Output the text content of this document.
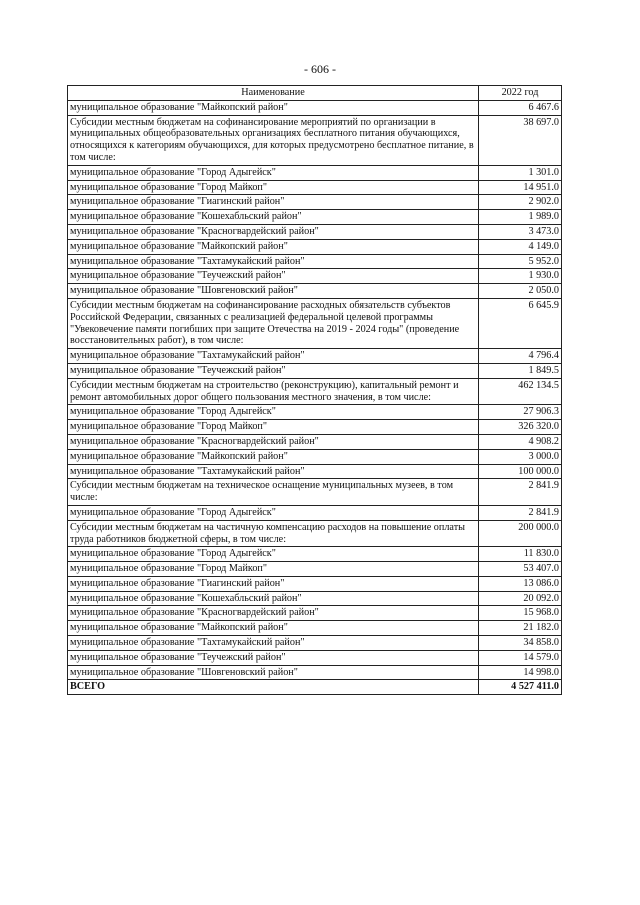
- 606 -
Наименование	2022 год
муниципальное образование "Майкопский район"	6 467.6
Субсидии местным бюджетам на софинансирование мероприятий по организации в муниципальных общеобразовательных организациях бесплатного питания обучающихся, относящихся к категориям обучающихся, для которых предусмотрено бесплатное питание, в том числе:	38 697.0
муниципальное образование "Город Адыгейск"	1 301.0
муниципальное образование "Город Майкоп"	14 951.0
муниципальное образование "Гиагинский район"	2 902.0
муниципальное образование "Кошехабльский район"	1 989.0
муниципальное образование "Красногвардейский район"	3 473.0
муниципальное образование "Майкопский район"	4 149.0
муниципальное образование "Тахтамукайский район"	5 952.0
муниципальное образование "Теучежский район"	1 930.0
муниципальное образование "Шовгеновский район"	2 050.0
Субсидии местным бюджетам на софинансирование расходных обязательств субъектов Российской Федерации, связанных с реализацией федеральной целевой программы "Увековечение памяти погибших при защите Отечества на 2019 - 2024 годы" (проведение восстановительных работ), в том числе:	6 645.9
муниципальное образование "Тахтамукайский район"	4 796.4
муниципальное образование "Теучежский район"	1 849.5
Субсидии местным бюджетам на строительство (реконструкцию), капитальный ремонт и ремонт автомобильных дорог общего пользования местного значения, в том числе:	462 134.5
муниципальное образование "Город Адыгейск"	27 906.3
муниципальное образование "Город Майкоп"	326 320.0
муниципальное образование "Красногвардейский район"	4 908.2
муниципальное образование "Майкопский район"	3 000.0
муниципальное образование "Тахтамукайский район"	100 000.0
Субсидии местным бюджетам на техническое оснащение муниципальных музеев, в том числе:	2 841.9
муниципальное образование "Город Адыгейск"	2 841.9
Субсидии местным бюджетам на частичную компенсацию расходов на повышение оплаты труда работников бюджетной сферы, в том числе:	200 000.0
муниципальное образование "Город Адыгейск"	11 830.0
муниципальное образование "Город Майкоп"	53 407.0
муниципальное образование "Гиагинский район"	13 086.0
муниципальное образование "Кошехабльский район"	20 092.0
муниципальное образование "Красногвардейский район"	15 968.0
муниципальное образование "Майкопский район"	21 182.0
муниципальное образование "Тахтамукайский район"	34 858.0
муниципальное образование "Теучежский район"	14 579.0
муниципальное образование "Шовгеновский район"	14 998.0
ВСЕГО	4 527 411.0
